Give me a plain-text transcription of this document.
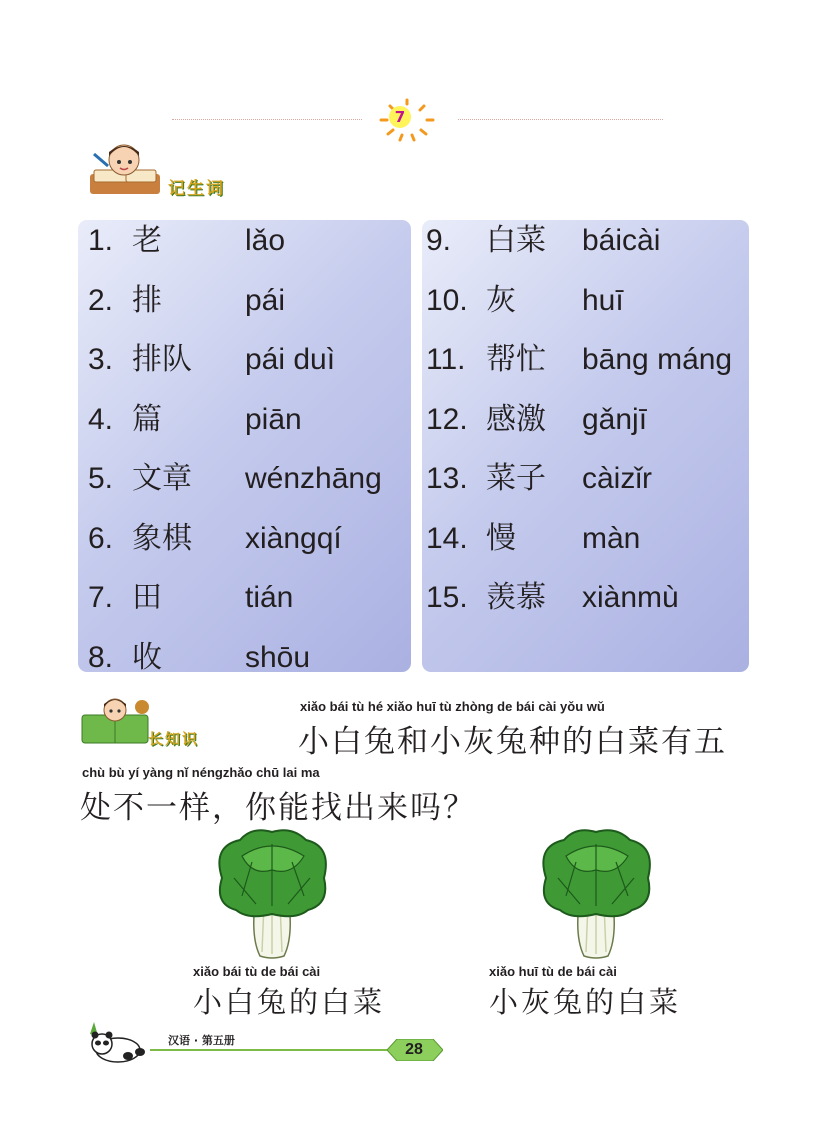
7
记生词
1. 老	lǎo
2. 排	pái
3. 排队 pái duì
4. 篇	piān
5. 文章 wénzhāng
6. 象棋 xiàngqí
7. 田	tián
8. 收	shōu
9. 白菜 báicài
10. 灰 huī
11. 帮忙 bāng máng
12. 感激 gǎnjī
13. 菜子 càizǐr
14. 慢 màn
15. 羡慕 xiànmù
长知识
xiǎo bái tù hé xiǎo huī tù zhòng de bái cài yǒu wǔ
小白兔和小灰兔种的白菜有五
chù bù yí yàng nǐ néngzhǎo chū lai ma
处不一样，你能找出来吗？
xiǎo bái tù de bái cài
小白兔的白菜
xiǎo huī tù de bái cài
小灰兔的白菜
汉语 · 第五册
28
